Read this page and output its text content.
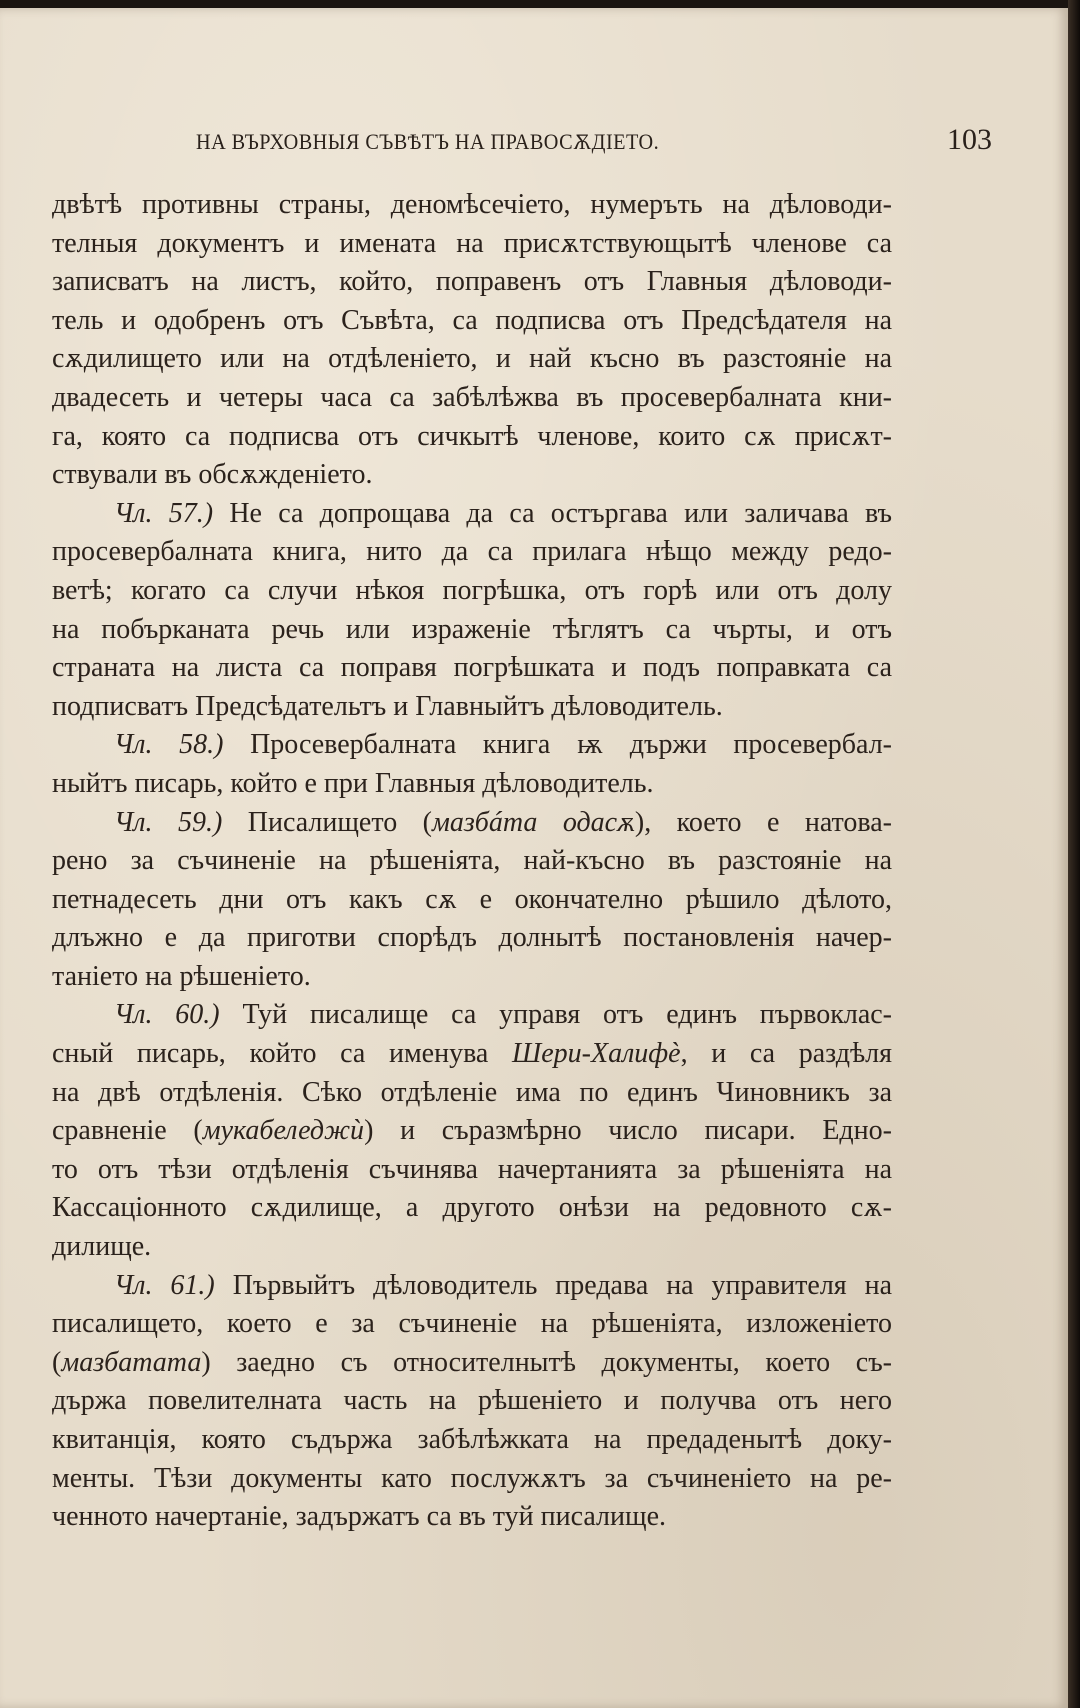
НА ВЪРХОВНЫЯ СЪВѢТЪ НА ПРАВОСѪДІЕТО.	103
двѣтѣ противны страны, деномѣсечіето, нумеръть на дѣловоди-
телныя документъ и имената на присѫтствующытѣ членове са
записватъ на листъ, който, поправенъ отъ Главныя дѣловоди-
тель и одобренъ отъ Съвѣта, са подписва отъ Предсѣдателя на
сѫдилището или на отдѣленіето, и най късно въ разстояніе на
двадесеть и четеры часа са забѣлѣжва въ просевербалната кни-
га, която са подписва отъ сичкытѣ членове, които сѫ присѫт-
ствували въ обсѫжденіето.
Чл. 57.) Не са допрощава да са остъргава или заличава въ
просевербалната книга, нито да са прилага нѣщо между редо-
ветѣ; когато са случи нѣкоя погрѣшка, отъ горѣ или отъ долу
на побърканата речь или израженіе тѣглятъ са чърты, и отъ
страната на листа са поправя погрѣшката и подъ поправката са
подписватъ Предсѣдательтъ и Главныйтъ дѣловодитель.
Чл. 58.) Просевербалната книга ѭ държи просевербал-
ныйтъ писарь, който е при Главныя дѣловодитель.
Чл. 59.) Писалището (мазбáта одасѫ), което е натова-
рено за съчиненіе на рѣшеніята, най-късно въ разстояніе на
петнадесеть дни отъ какъ сѫ е окончателно рѣшило дѣлото,
длъжно е да приготви спорѣдъ долнытѣ постановленія начер-
таніето на рѣшеніето.
Чл. 60.) Туй писалище са управя отъ единъ първоклас-
сный писарь, който са именува Шери-Халифѐ, и са раздѣля
на двѣ отдѣленія. Сѣко отдѣленіе има по единъ Чиновникъ за
сравненіе (мукабеледжѝ) и съразмѣрно число писари. Едно-
то отъ тѣзи отдѣленія съчинява начертанията за рѣшеніята на
Кассаціонното сѫдилище, а другото онѣзи на редовното сѫ-
дилище.
Чл. 61.) Първыйтъ дѣловодитель предава на управителя на
писалището, което е за съчиненіе на рѣшеніята, изложеніето
(мазбатата) заедно съ относителнытѣ документы, което съ-
държа повелителната часть на рѣшеніето и получва отъ него
квитанція, която съдържа забѣлѣжката на предаденытѣ доку-
менты. Тѣзи документы като послужѫтъ за съчиненіето на ре-
ченното начертаніе, задържатъ са въ туй писалище.
